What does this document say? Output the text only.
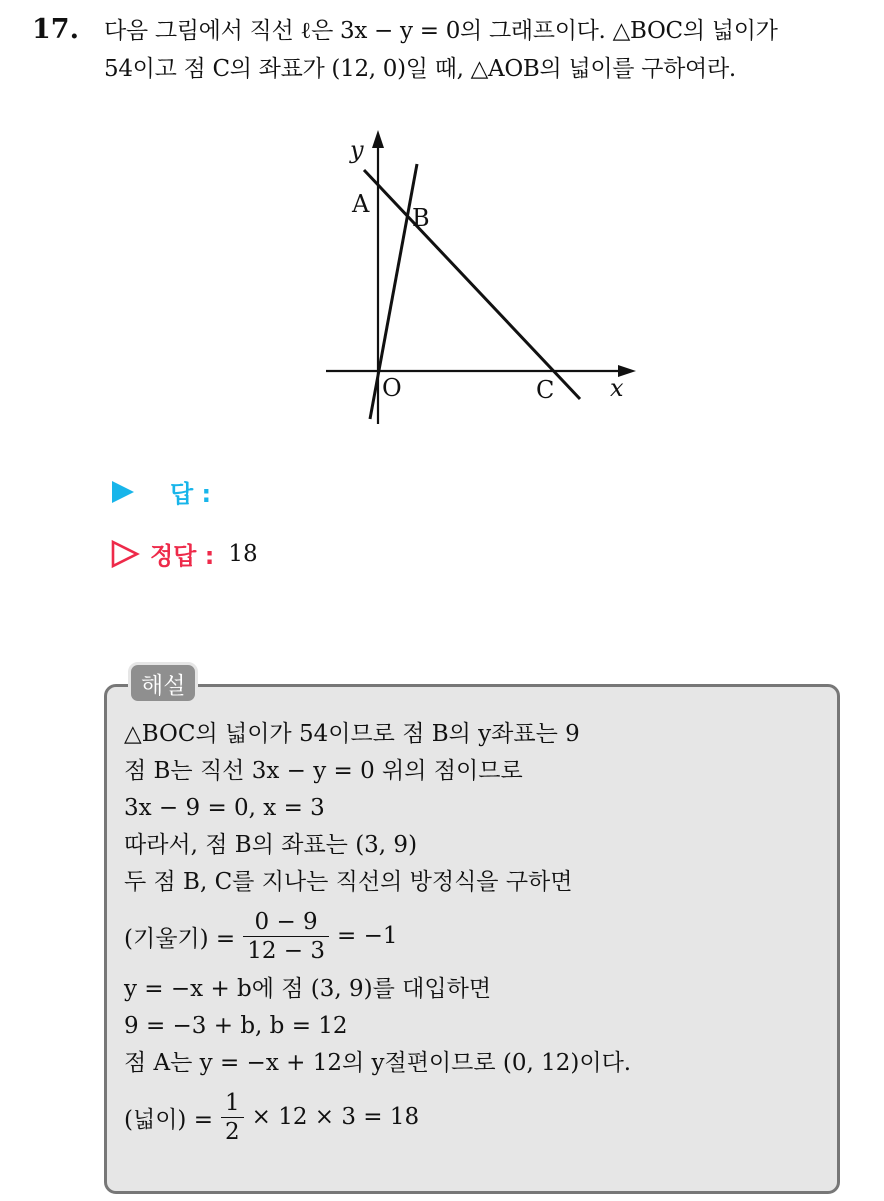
17. 다음 그림에서 직선 ℓ은 3x − y = 0의 그래프이다. △BOC의 넓이가
54이고 점 C의 좌표가 (12, 0)일 때, △AOB의 넓이를 구하여라.
y
x
A B
O	C
답 :
정답 : 18
해설
△BOC의 넓이가 54이므로 점 B의 y좌표는 9
점 B는 직선 3x − y = 0 위의 점이므로
3x − 9 = 0, x = 3
따라서, 점 B의 좌표는 (3, 9)
두 점 B, C를 지나는 직선의 방정식을 구하면
(기울기) = $\frac{0 - 9}{12 - 3} = -1$
y = −x + b에 점 (3, 9)를 대입하면
9 = −3 + b, b = 12
점 A는 y = −x + 12의 y절편이므로 (0, 12)이다.
(넓이) = $\frac{1}{2} \times 12 \times 3 = 18$
